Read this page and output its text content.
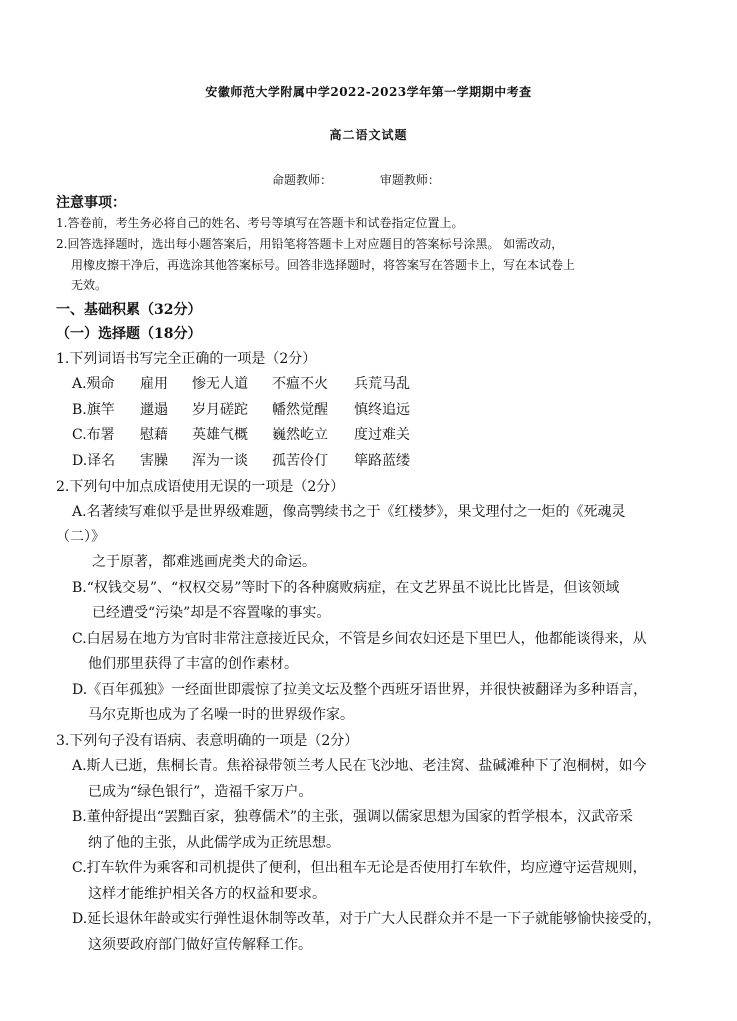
安徽师范大学附属中学2022-2023学年第一学期期中考查
高二语文试题
命题教师：	审题教师：
注意事项：
1.答卷前，考生务必将自己的姓名、考号等填写在答题卡和试卷指定位置上。
2.回答选择题时，选出每小题答案后，用铅笔将答题卡上对应题目的答案标号涂黑。 如需改动，
用橡皮擦干净后，再选涂其他答案标号。回答非选择题时，将答案写在答题卡上，写在本试卷上
无效。
一、基础积累（32分）
（一）选择题（18分）
1.下列词语书写完全正确的一项是（2分）
A.殒命 雇用 惨无人道 不瘟不火 兵荒马乱
B.旗竿 邋遢 岁月磋跎 幡然觉醒 慎终追远
C.布署 慰藉 英雄气概 巍然屹立 度过难关
D.译名 害臊 浑为一谈 孤苦伶仃 筚路蓝缕
2.下列句中加点成语使用无误的一项是（2分）
A.名著续写难似乎是世界级难题，像高鹗续书之于《红楼梦》，果戈理付之一炬的《死魂灵
（二）》
之于原著，都难逃画虎类犬的命运。
B.“权钱交易”、“权权交易”等时下的各种腐败病症，在文艺界虽不说比比皆是，但该领域
已经遭受“污染”却是不容置喙的事实。
C.白居易在地方为官时非常注意接近民众，不管是乡间农妇还是下里巴人，他都能谈得来，从
他们那里获得了丰富的创作素材。
D.《百年孤独》一经面世即震惊了拉美文坛及整个西班牙语世界，并很快被翻译为多种语言，
马尔克斯也成为了名噪一时的世界级作家。
3.下列句子没有语病、表意明确的一项是（2分）
A.斯人已逝，焦桐长青。焦裕禄带领兰考人民在飞沙地、老洼窝、盐碱滩种下了泡桐树，如今
已成为“绿色银行”，造福千家万户。
B.董仲舒提出“罢黜百家，独尊儒术”的主张，强调以儒家思想为国家的哲学根本，汉武帝采
纳了他的主张，从此儒学成为正统思想。
C.打车软件为乘客和司机提供了便利，但出租车无论是否使用打车软件，均应遵守运营规则，
这样才能维护相关各方的权益和要求。
D.延长退休年龄或实行弹性退休制等改革，对于广大人民群众并不是一下子就能够愉快接受的，
这须要政府部门做好宣传解释工作。
